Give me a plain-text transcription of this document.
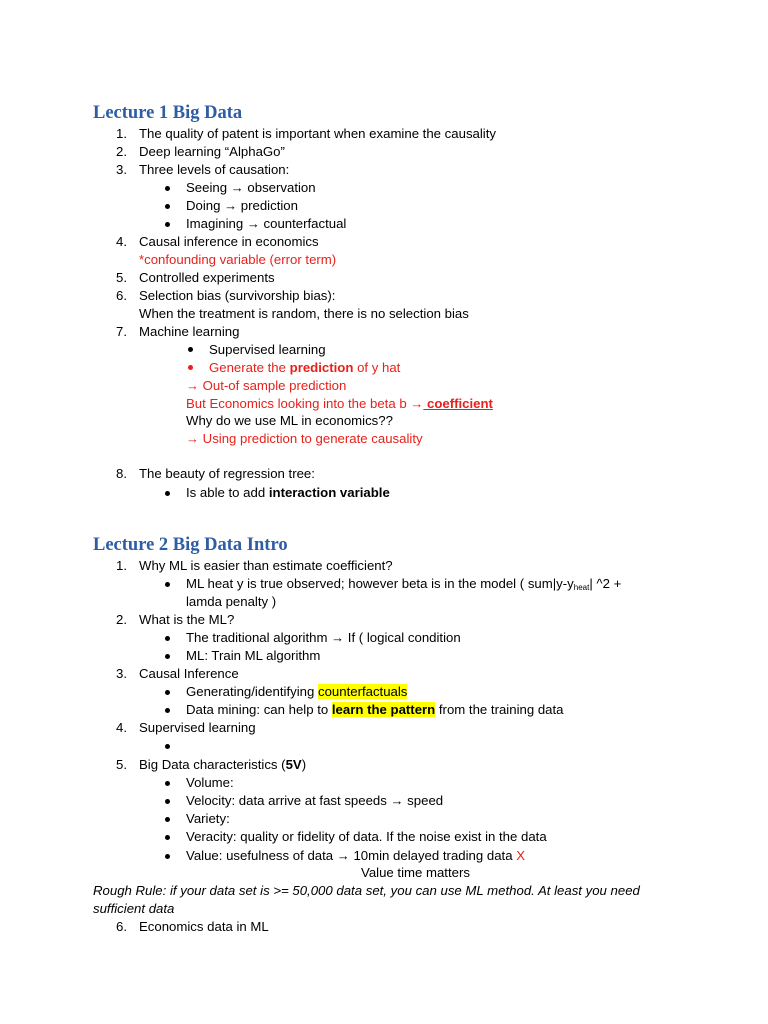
Lecture 1 Big Data
1. The quality of patent is important when examine the causality
2. Deep learning “AlphaGo”
3. Three levels of causation:
Seeing → observation
Doing → prediction
Imagining → counterfactual
4. Causal inference in economics
*confounding variable (error term)
5. Controlled experiments
6. Selection bias (survivorship bias):
When the treatment is random, there is no selection bias
7. Machine learning
Supervised learning
Generate the prediction of y hat
→ Out-of sample prediction
But Economics looking into the beta b → coefficient
Why do we use ML in economics??
→ Using prediction to generate causality
8. The beauty of regression tree:
Is able to add interaction variable
Lecture 2 Big Data Intro
1. Why ML is easier than estimate coefficient?
ML heat y is true observed; however beta is in the model ( $sum|y-y_{heat}|$ ^2 +
lamda penalty )
2. What is the ML?
The traditional algorithm → If ( logical condition
ML: Train ML algorithm
3. Causal Inference
Generating/identifying counterfactuals
Data mining: can help to learn the pattern from the training data
4. Supervised learning
5. Big Data characteristics (5V)
Volume:
Velocity: data arrive at fast speeds → speed
Variety:
Veracity: quality or fidelity of data. If the noise exist in the data
Value: usefulness of data → 10min delayed trading data X
Value time matters
Rough Rule: if your data set is >= 50,000 data set, you can use ML method. At least you need
sufficient data
6. Economics data in ML
